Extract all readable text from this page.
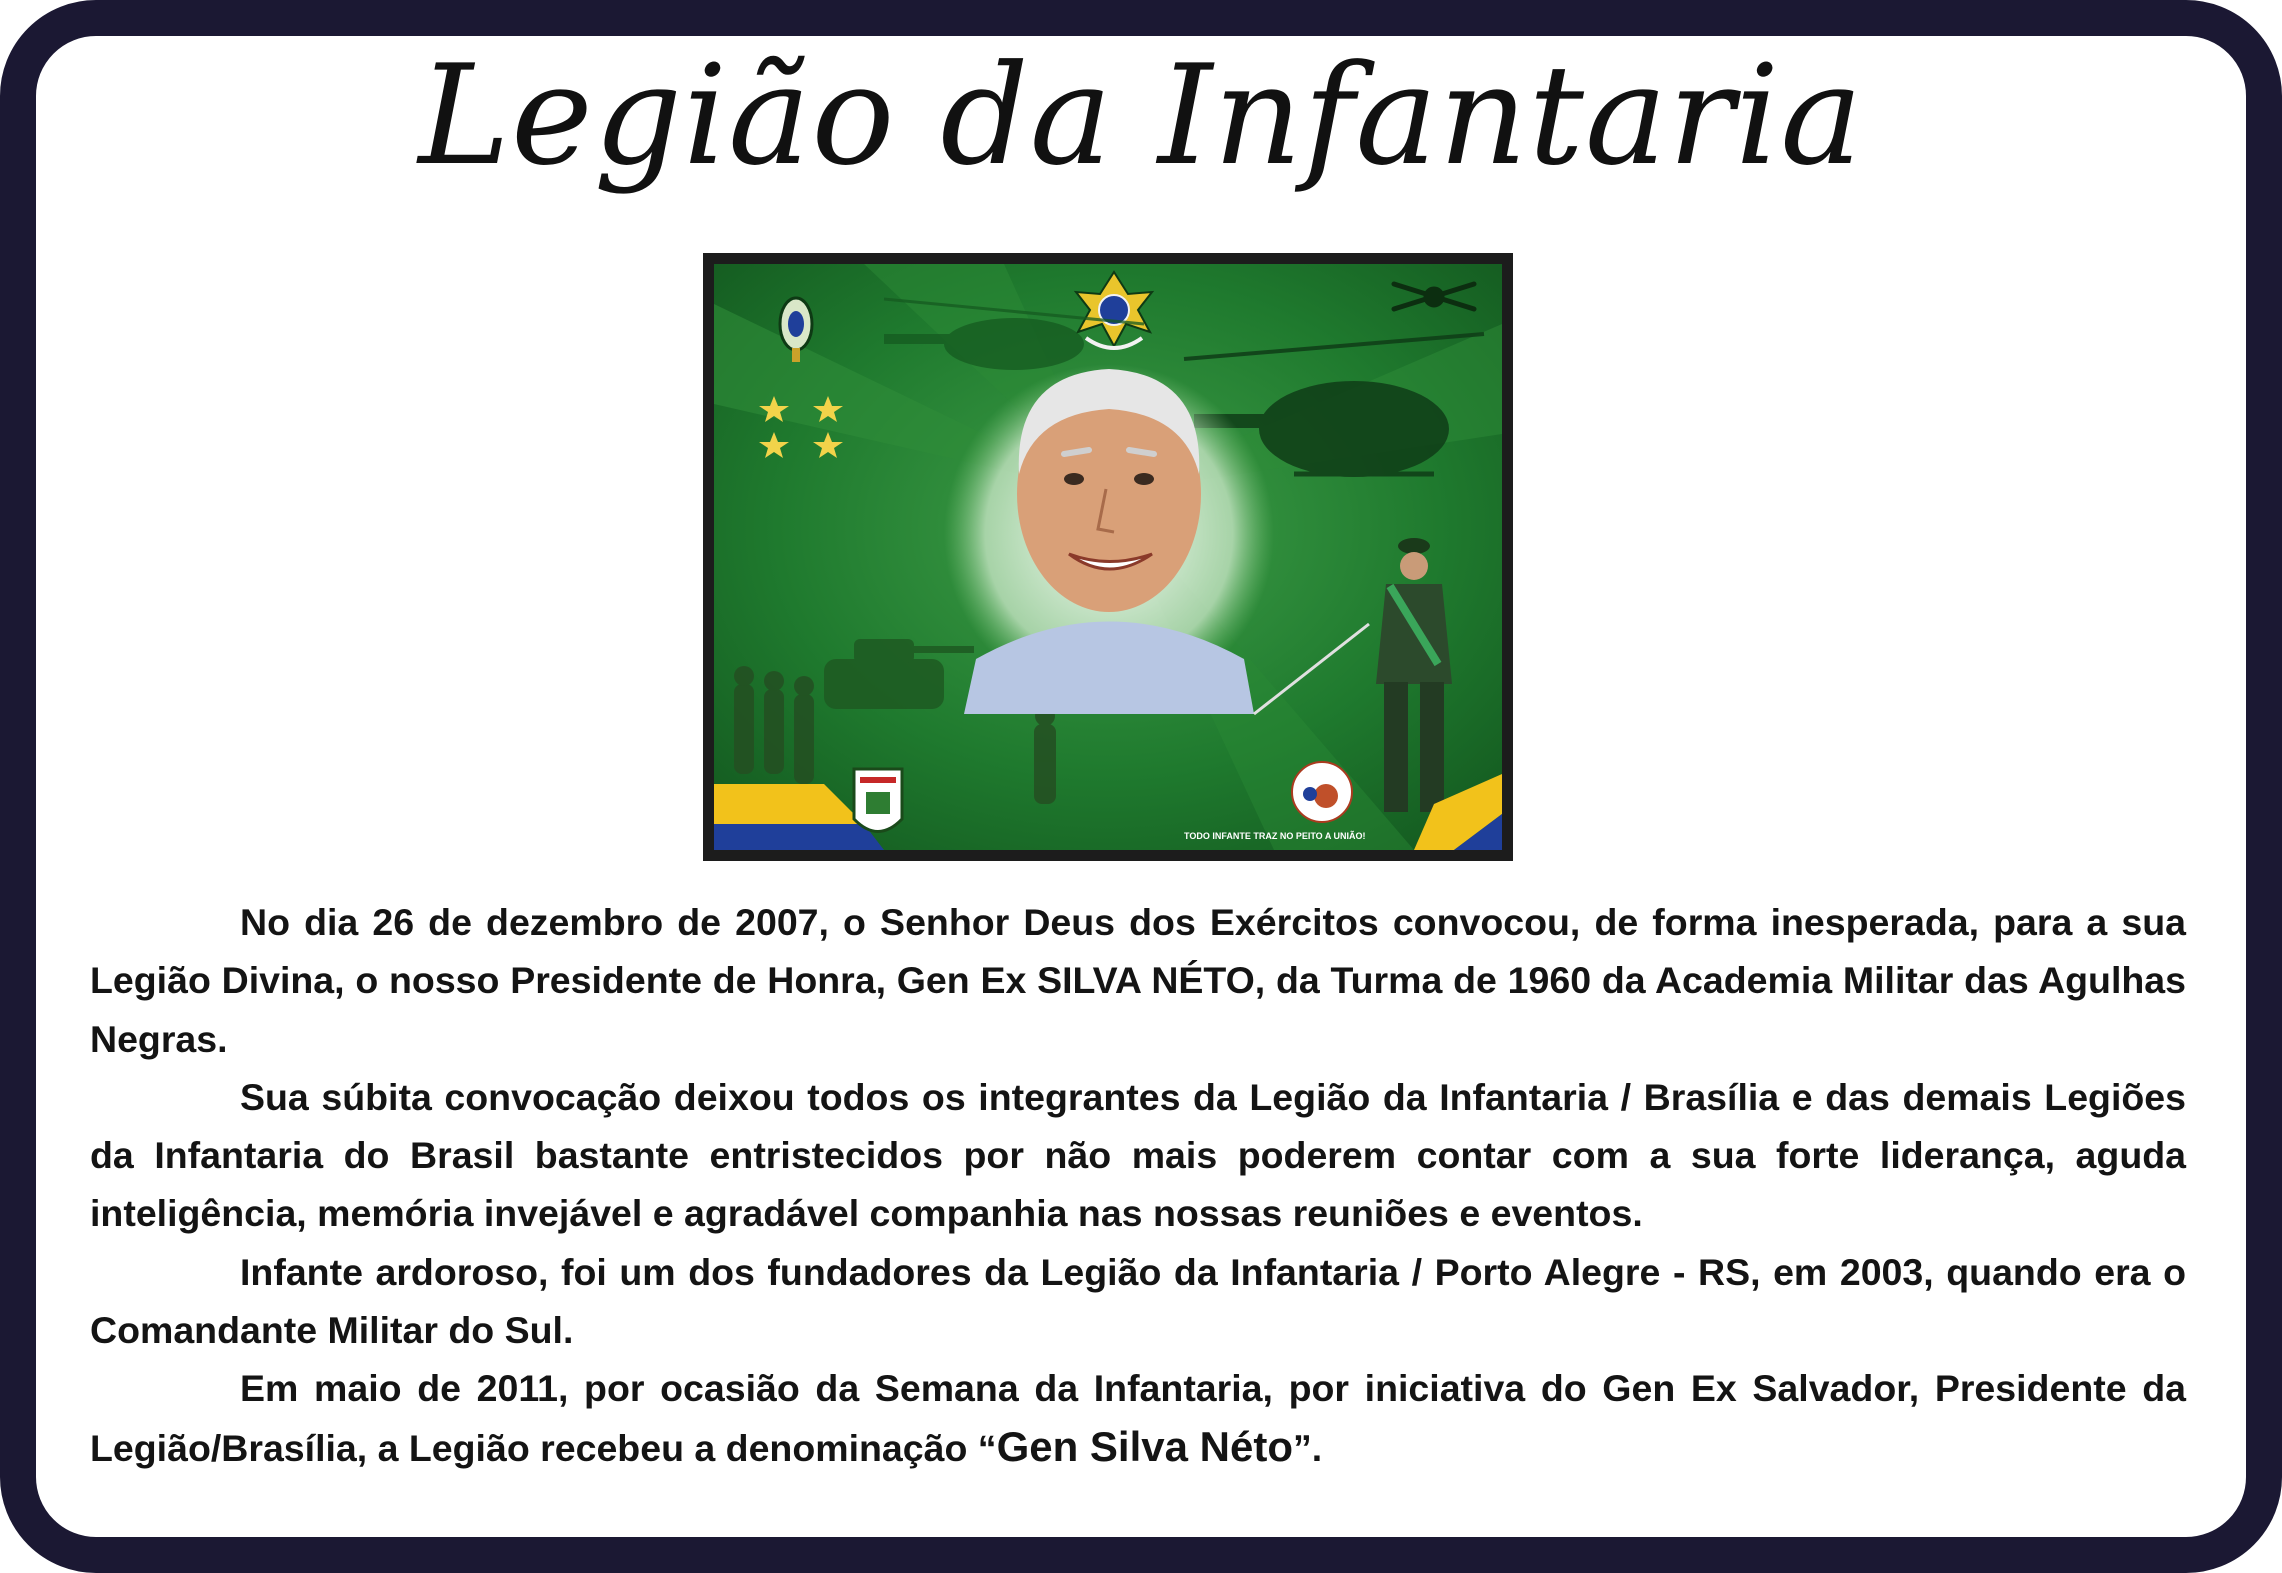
Legião da Infantaria
TODO INFANTE TRAZ NO PEITO A UNIÃO!

No dia 26 de dezembro de 2007, o Senhor Deus dos Exércitos convocou, de forma inesperada, para a sua Legião Divina, o nosso Presidente de Honra, Gen Ex SILVA NÉTO, da Turma de 1960 da Academia Militar das Agulhas Negras.

Sua súbita convocação deixou todos os integrantes da Legião da Infantaria / Brasília e das demais Legiões da Infantaria do Brasil bastante entristecidos por não mais poderem contar com a sua forte liderança, aguda inteligência, memória invejável e agradável companhia nas nossas reuniões e eventos.

Infante ardoroso, foi um dos fundadores da Legião da Infantaria / Porto Alegre - RS, em 2003, quando era o Comandante Militar do Sul.

Em maio de 2011, por ocasião da Semana da Infantaria, por iniciativa do Gen Ex Salvador, Presidente da Legião/Brasília, a Legião recebeu a denominação “Gen Silva Néto”.
